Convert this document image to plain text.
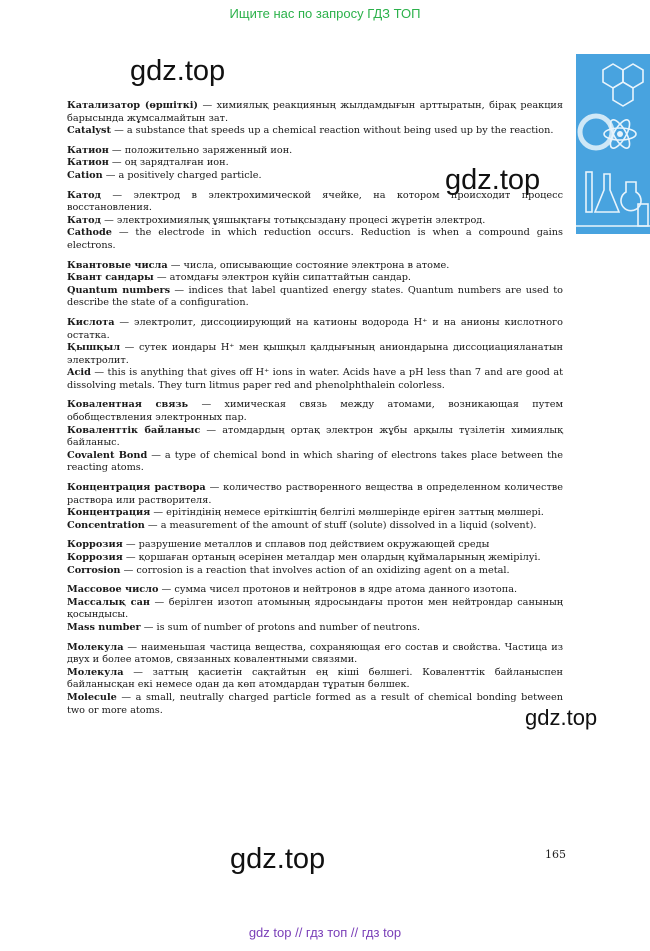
Ищите нас по запросу ГДЗ ТОП
gdz.top
gdz.top
gdz.top
gdz.top
Катализатор (өршіткі) — химиялық реакцияның жылдамдығын арттыратын, бірақ реакция барысында жұмсалмайтын зат.
Catalyst — a substance that speeds up a chemical reaction without being used up by the reaction.
Катион — положительно заряженный ион.
Катион — оң зарядталған ион.
Cation — a positively charged particle.
Катод — электрод в электрохимической ячейке, на котором происходит процесс восстановления.
Катод — электрохимиялық ұяшықтағы тотықсыздану процесі жүретін электрод.
Cathode — the electrode in which reduction occurs. Reduction is when a compound gains electrons.
Квантовые числа — числа, описывающие состояние электрона в атоме.
Квант сандары — атомдағы электрон күйін сипаттайтын сандар.
Quantum numbers — indices that label quantized energy states. Quantum numbers are used to describe the state of a configuration.
Кислота — электролит, диссоциирующий на катионы водорода H⁺ и на анионы кислотного остатка.
Қышқыл — сутек иондары H⁺ мен қышқыл қалдығының аниондарына диссоциацияланатын электролит.
Acid — this is anything that gives off H⁺ ions in water. Acids have a pH less than 7 and are good at dissolving metals. They turn litmus paper red and phenolphthalein colorless.
Ковалентная связь — химическая связь между атомами, возникающая путем обобществления электронных пар.
Коваленттік байланыс — атомдардың ортақ электрон жұбы арқылы түзілетін химиялық байланыс.
Covalent Bond — a type of chemical bond in which sharing of electrons takes place between the reacting atoms.
Концентрация раствора — количество растворенного вещества в определенном количестве раствора или растворителя.
Концентрация — ерітіндінің немесе еріткіштің белгілі мөлшерінде еріген заттың мөлшері.
Concentration — a measurement of the amount of stuff (solute) dissolved in a liquid (solvent).
Коррозия — разрушение металлов и сплавов под действием окружающей среды
Коррозия — қоршаған ортаның әсерінен металдар мен олардың құймаларының жемірілуі.
Corrosion — corrosion is a reaction that involves action of an oxidizing agent on a metal.
Массовое число — сумма чисел протонов и нейтронов в ядре атома данного изотопа.
Массалық сан — берілген изотоп атомының ядросындағы протон мен нейтрондар санының қосындысы.
Mass number — is sum of number of protons and number of neutrons.
Молекула — наименьшая частица вещества, сохраняющая его состав и свойства. Частица из двух и более атомов, связанных ковалентными связями.
Молекула — заттың қасиетін сақтайтын ең кіші бөлшегі. Коваленттік байланыспен байланысқан екі немесе одан да көп атомдардан тұратын бөлшек.
Molecule — a small, neutrally charged particle formed as a result of chemical bonding between two or more atoms.
165
gdz top // гдз топ // гдз top
